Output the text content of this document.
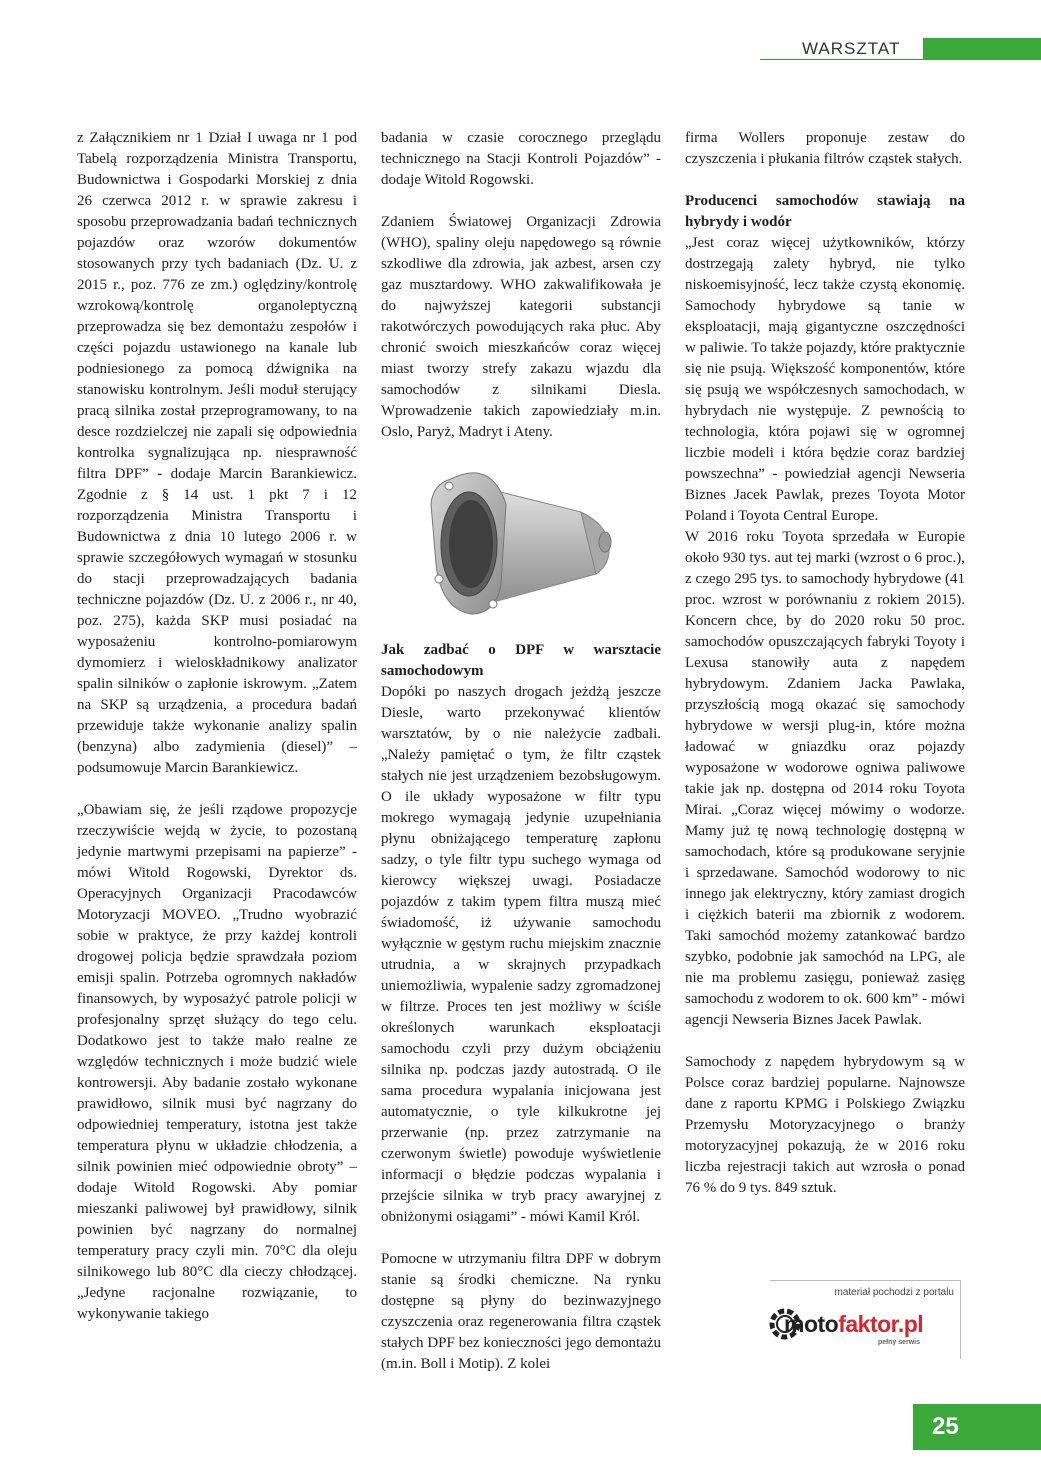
WARSZTAT

z Załącznikiem nr 1 Dział I uwaga nr 1 pod Tabelą rozporządzenia Ministra Transportu, Budownictwa i Gospodarki Morskiej z dnia 26 czerwca 2012 r. w sprawie zakresu i sposobu przeprowadzania badań technicznych pojazdów oraz wzorów dokumentów stosowanych przy tych badaniach (Dz. U. z 2015 r., poz. 776 ze zm.) oględziny/kontrolę wzrokową/kontrolę organoleptyczną przeprowadza się bez demontażu zespołów i części pojazdu ustawionego na kanale lub podniesionego za pomocą dźwignika na stanowisku kontrolnym. Jeśli moduł sterujący pracą silnika został przeprogramowany, to na desce rozdzielczej nie zapali się odpowiednia kontrolka sygnalizująca np. niesprawność filtra DPF” - dodaje Marcin Barankiewicz. Zgodnie z § 14 ust. 1 pkt 7 i 12 rozporządzenia Ministra Transportu i Budownictwa z dnia 10 lutego 2006 r. w sprawie szczegółowych wymagań w stosunku do stacji przeprowadzających badania techniczne pojazdów (Dz. U. z 2006 r., nr 40, poz. 275), każda SKP musi posiadać na wyposażeniu kontrolno-pomiarowym dymomierz i wieloskładnikowy analizator spalin silników o zapłonie iskrowym. „Zatem na SKP są urządzenia, a procedura badań przewiduje także wykonanie analizy spalin (benzyna) albo zadymienia (diesel)” – podsumowuje Marcin Barankiewicz.

„Obawiam się, że jeśli rządowe propozycje rzeczywiście wejdą w życie, to pozostaną jedynie martwymi przepisami na papierze” - mówi Witold Rogowski, Dyrektor ds. Operacyjnych Organizacji Pracodawców Motoryzacji MOVEO. „Trudno wyobrazić sobie w praktyce, że przy każdej kontroli drogowej policja będzie sprawdzała poziom emisji spalin. Potrzeba ogromnych nakładów finansowych, by wyposażyć patrole policji w profesjonalny sprzęt służący do tego celu. Dodatkowo jest to także mało realne ze względów technicznych i może budzić wiele kontrowersji. Aby badanie zostało wykonane prawidłowo, silnik musi być nagrzany do odpowiedniej temperatury, istotna jest także temperatura płynu w układzie chłodzenia, a silnik powinien mieć odpowiednie obroty” – dodaje Witold Rogowski. Aby pomiar mieszanki paliwowej był prawidłowy, silnik powinien być nagrzany do normalnej temperatury pracy czyli min. 70°C dla oleju silnikowego lub 80°C dla cieczy chłodzącej. „Jedyne racjonalne rozwiązanie, to wykonywanie takiego

badania w czasie corocznego przeglądu technicznego na Stacji Kontroli Pojazdów” - dodaje Witold Rogowski.

Zdaniem Światowej Organizacji Zdrowia (WHO), spaliny oleju napędowego są równie szkodliwe dla zdrowia, jak azbest, arsen czy gaz musztardowy. WHO zakwalifikowała je do najwyższej kategorii substancji rakotwórczych powodujących raka płuc. Aby chronić swoich mieszkańców coraz więcej miast tworzy strefy zakazu wjazdu dla samochodów z silnikami Diesla. Wprowadzenie takich zapowiedziały m.in. Oslo, Paryż, Madryt i Ateny.

Jak zadbać o DPF w warsztacie samochodowym

Dopóki po naszych drogach jeżdżą jeszcze Diesle, warto przekonywać klientów warsztatów, by o nie należycie zadbali. „Należy pamiętać o tym, że filtr cząstek stałych nie jest urządzeniem bezobsługowym. O ile układy wyposażone w filtr typu mokrego wymagają jedynie uzupełniania płynu obniżającego temperaturę zapłonu sadzy, o tyle filtr typu suchego wymaga od kierowcy większej uwagi. Posiadacze pojazdów z takim typem filtra muszą mieć świadomość, iż używanie samochodu wyłącznie w gęstym ruchu miejskim znacznie utrudnia, a w skrajnych przypadkach uniemożliwia, wypalenie sadzy zgromadzonej w filtrze. Proces ten jest możliwy w ściśle określonych warunkach eksploatacji samochodu czyli przy dużym obciążeniu silnika np. podczas jazdy autostradą. O ile sama procedura wypalania inicjowana jest automatycznie, o tyle kilkukrotne jej przerwanie (np. przez zatrzymanie na czerwonym świetle) powoduje wyświetlenie informacji o błędzie podczas wypalania i przejście silnika w tryb pracy awaryjnej z obniżonymi osiągami” - mówi Kamil Król.

Pomocne w utrzymaniu filtra DPF w dobrym stanie są środki chemiczne. Na rynku dostępne są płyny do bezinwazyjnego czyszczenia oraz regenerowania filtra cząstek stałych DPF bez konieczności jego demontażu (m.in. Boll i Motip). Z kolei

firma Wollers proponuje zestaw do czyszczenia i płukania filtrów cząstek stałych.

Producenci samochodów stawiają na hybrydy i wodór

„Jest coraz więcej użytkowników, którzy dostrzegają zalety hybryd, nie tylko niskoemisyjność, lecz także czystą ekonomię. Samochody hybrydowe są tanie w eksploatacji, mają gigantyczne oszczędności w paliwie. To także pojazdy, które praktycznie się nie psują. Większość komponentów, które się psują we współczesnych samochodach, w hybrydach nie występuje. Z pewnością to technologia, która pojawi się w ogromnej liczbie modeli i która będzie coraz bardziej powszechna” - powiedział agencji Newseria Biznes Jacek Pawlak, prezes Toyota Motor Poland i Toyota Central Europe.

W 2016 roku Toyota sprzedała w Europie około 930 tys. aut tej marki (wzrost o 6 proc.), z czego 295 tys. to samochody hybrydowe (41 proc. wzrost w porównaniu z rokiem 2015). Koncern chce, by do 2020 roku 50 proc. samochodów opuszczających fabryki Toyoty i Lexusa stanowiły auta z napędem hybrydowym. Zdaniem Jacka Pawlaka, przyszłością mogą okazać się samochody hybrydowe w wersji plug-in, które można ładować w gniazdku oraz pojazdy wyposażone w wodorowe ogniwa paliwowe takie jak np. dostępna od 2014 roku Toyota Mirai. „Coraz więcej mówimy o wodorze. Mamy już tę nową technologię dostępną w samochodach, które są produkowane seryjnie i sprzedawane. Samochód wodorowy to nic innego jak elektryczny, który zamiast drogich i ciężkich baterii ma zbiornik z wodorem. Taki samochód możemy zatankować bardzo szybko, podobnie jak samochód na LPG, ale nie ma problemu zasięgu, ponieważ zasięg samochodu z wodorem to ok. 600 km” - mówi agencji Newseria Biznes Jacek Pawlak.

Samochody z napędem hybrydowym są w Polsce coraz bardziej popularne. Najnowsze dane z raportu KPMG i Polskiego Związku Przemysłu Motoryzacyjnego o branży motoryzacyjnej pokazują, że w 2016 roku liczba rejestracji takich aut wzrosła o ponad 76 % do 9 tys. 849 sztuk.

materiał pochodzi z portalu
motofaktor.pl
pełny serwis
25
